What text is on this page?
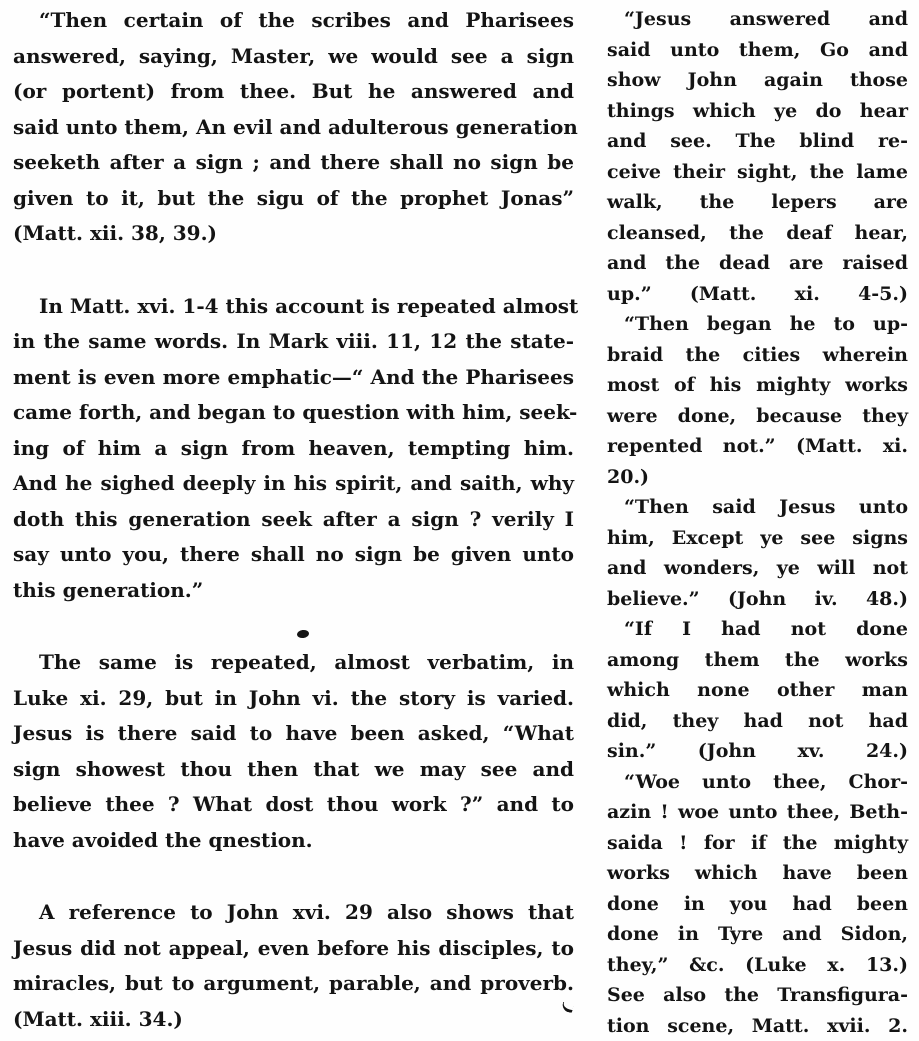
“Then certain of the scribes and Pharisees
answered, saying, Master, we would see a sign
(or portent) from thee. But he answered and
said unto them, An evil and adulterous generation
seeketh after a sign ; and there shall no sign be
given to it, but the sigu of the prophet Jonas”
(Matt. xii. 38, 39.)

In Matt. xvi. 1-4 this account is repeated almost
in the same words. In Mark viii. 11, 12 the state-
ment is even more emphatic—“ And the Pharisees
came forth, and began to question with him, seek-
ing of him a sign from heaven, tempting him.
And he sighed deeply in his spirit, and saith, why
doth this generation seek after a sign ? verily I
say unto you, there shall no sign be given unto
this generation.”

The same is repeated, almost verbatim, in
Luke xi. 29, but in John vi. the story is varied.
Jesus is there said to have been asked, “What
sign showest thou then that we may see and
believe thee ? What dost thou work ?” and to
have avoided the qnestion.

A reference to John xvi. 29 also shows that
Jesus did not appeal, even before his disciples, to
miracles, but to argument, parable, and proverb.
(Matt. xiii. 34.)

“Jesus answered and
said unto them, Go and
show John again those
things which ye do hear
and see. The blind re-
ceive their sight, the lame
walk, the lepers are
cleansed, the deaf hear,
and the dead are raised
up.” (Matt. xi. 4-5.)

“Then began he to up-
braid the cities wherein
most of his mighty works
were done, because they
repented not.” (Matt. xi.
20.)

“Then said Jesus unto
him, Except ye see signs
and wonders, ye will not
believe.” (John iv. 48.)

“If I had not done
among them the works
which none other man
did, they had not had
sin.” (John xv. 24.)

“Woe unto thee, Chor-
azin ! woe unto thee, Beth-
saida ! for if the mighty
works which have been
done in you had been
done in Tyre and Sidon,
they,” &c. (Luke x. 13.)
See also the Transfigura-
tion scene, Matt. xvii. 2.
